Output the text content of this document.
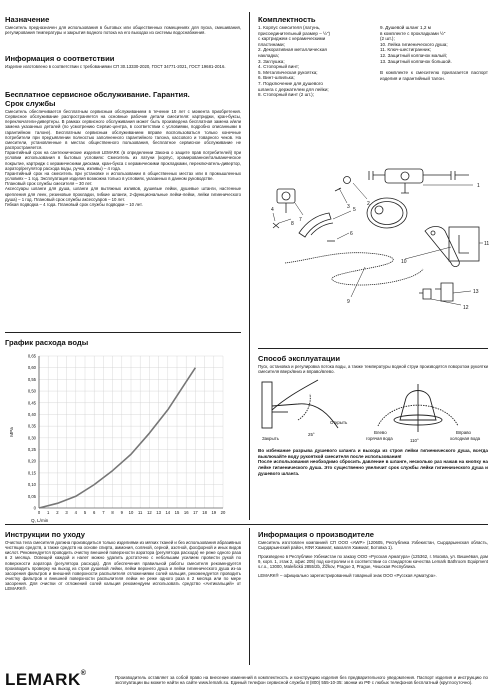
Назначение
Смеситель предназначен для использования в бытовых или общественных помещениях для пуска, смешивания, регулирования температуры и закрытия водного потока на его выходах из системы водоснабжения.
Информация о соответствии
Изделие изготовлено в соответствии с требованиями СП 30.13330-2020, ГОСТ 34771-2021, ГОСТ 19681-2016.
Бесплатное сервисное обслуживание. Гарантия.
Срок службы

Смеситель обеспечивается бесплатным сервисным обслуживанием в течение 10 лет с момента приобретения. Сервисное обслуживание распространяется на основные рабочие детали смесителя: картриджи, кран-буксы, переключатели-дивертеры. В рамках сервисного обслуживания может быть произведена бесплатная замена и/или замена указанных деталей (по усмотрению Сервис-центра, в соответствии с условиями, подробно описанными в гарантийном талоне). Бесплатным сервисным обслуживанием вправе воспользоваться только конечные потребители при предъявлении полностью заполненного гарантийного талона, кассового и товарного чеков. На смесители, установленные в местах общественного пользования, бесплатное сервисное обслуживание не распространяется.

Гарантийный срок на сантехнические изделия LEMARK (в определении Закона о защите прав потребителей) при условии использования в бытовых условиях: Смеситель из латуни (корпус, хромированное/гальваническое покрытие, картридж с керамическими дисками, кран-букса с керамическими прокладками, переключатель-дивертор, аэратор/регулятор расхода воды, ручка, изливы) – 4 года.

Гарантийный срок на смеситель при установке и использовании в общественных местах или в промышленных условиях – 1 год. Эксплуатация изделия возможна только в условиях, указанных в данном руководстве.

Плановый срок службы смесителя – 30 лет.

Аксессуары шланги для душа, шланги для вытяжных изливов, душевые лейки, душевые штанги, настенные крепления для леек, резиновые прокладки, гибкие шланги, 2-функциональные лейки-лейки, лейки гигиенического душа) – 1 год. Плановый срок службы аксессуаров – 10 лет.

Гибкая подводка – 4 года. Плановый срок службы подводки – 10 лет.

График расхода воды
0
0,05
0,10
0,15
0,20
0,25
0,30
0,35
0,40
0,45
0,50
0,55
0,60
0,65
0 1 2 3 4 5 6 7 8 9 10 11 12 13 14 15 16 17 18 19 20
MPa
Q, L/min
Комплектность
1. Корпус смесителя (латунь,
присоединительный размер – ½")
с картриджем с керамическими
пластинами;
2. Декоративная металлическая
накладка;
3. Заглушка;
4. Стопорный винт;
5. Металлическая рукоятка;
6. Винт-шпилька;
7. Подключение для душевого
шланга с держателем для лейки;
8. Стопорный винт (2 шт.);
9. Душевой шланг 1,2 м
в комплекте с прокладками ½"
(2 шт.);
10. Лейка гигиенического душа;
11. Ключ-шестигранник;
12. Защитный колпачок малый;
13. Защитный колпачок большой.
В комплекте к смесителю прилагается паспорт изделия и гарантийный талон.
1
2
3
4	5
6
7
8
9
10
11
12
13
Способ эксплуатации
Пуск, остановка и регулировка потока воды, а также температуры водной струи производятся поворотом рукоятки смесителя вверх/вниз и вправо/влево.
Закрыть
Открыть
25°
110°
Влево
горячая вода
Вправо
холодная вода

Во избежание разрыва душевого шланга и выхода из строя лейки гигиенического душа, всегда выключайте воду рукояткой смесителя после использования!

После использования необходимо сбросить давление в шланге, несколько раз нажав на кнопку на лейке гигиенического душа. Это существенно увеличит срок службы лейки гигиенического душа и душевого шланга.

Инструкции по уходу
Очистка тела смесителя должна производиться только изделиями из мягких тканей и без использования абразивных чистящих средств, а также средств на основе спирта, аммония, соляной, серной, азотной, фосфорной и иных видов кислот. Рекомендуется проводить очистку внешней поверхности аэратора (регулятора расхода) не реже одного раза в 2 месяца. Освещей каждой и налет можно удалить достаточно с небольшим усилием провести рукой по поверхности аэратора (регулятора расхода). Для обеспечения правильной работы смесителя рекомендуется производить проверку на выход из строя душевой лейки, лейки верхнего душа и лейки гигиенического душа из-за засорения фильтров и внешней поверхности распылителя отложениями солей кальция, рекомендуется проводить очистку фильтров и внешней поверхности распылителя лейки не реже одного раза в 2 месяца или по мере засорения. Для очистки от отложений солей кальция рекомендуем использовать средство «Антикальций» от LEMARK®.
Информация о производителе

Смеситель изготовлен компанией СП ООО «AWP» (120605, Республика Узбекистан, Сырдарьинская область, Сырдарьинский район, КФИ Хамкиат, махалля Хамкиат, Ботовка 1).

Произведено в Республике Узбекистан по заказу ООО «Русская Арматура» (125362, г. Москва, ул. Вишнёвая, дом 9, корп. 1, этаж 2, офис 205) под контролем и в соответствии со стандартом качества Lemark Bathroom Equipment s.r.o., 13000, Malešická 2855/2b, Žižkov, Prague 3, Prague, Чешская Республика.

LEMARK® – официально зарегистрированный товарный знак ООО «Русская Арматура».

LEMARK®
Производитель оставляет за собой право на внесение изменений в комплектность и конструкцию изделия без предварительного уведомления. Паспорт изделия и инструкцию по эксплуатации вы можете найти на сайте www.lemark.su. Единый телефон сервисной службы 8 (800) 555-10-35: звонки из РФ с любых телефонов бесплатный (круглосуточно).
